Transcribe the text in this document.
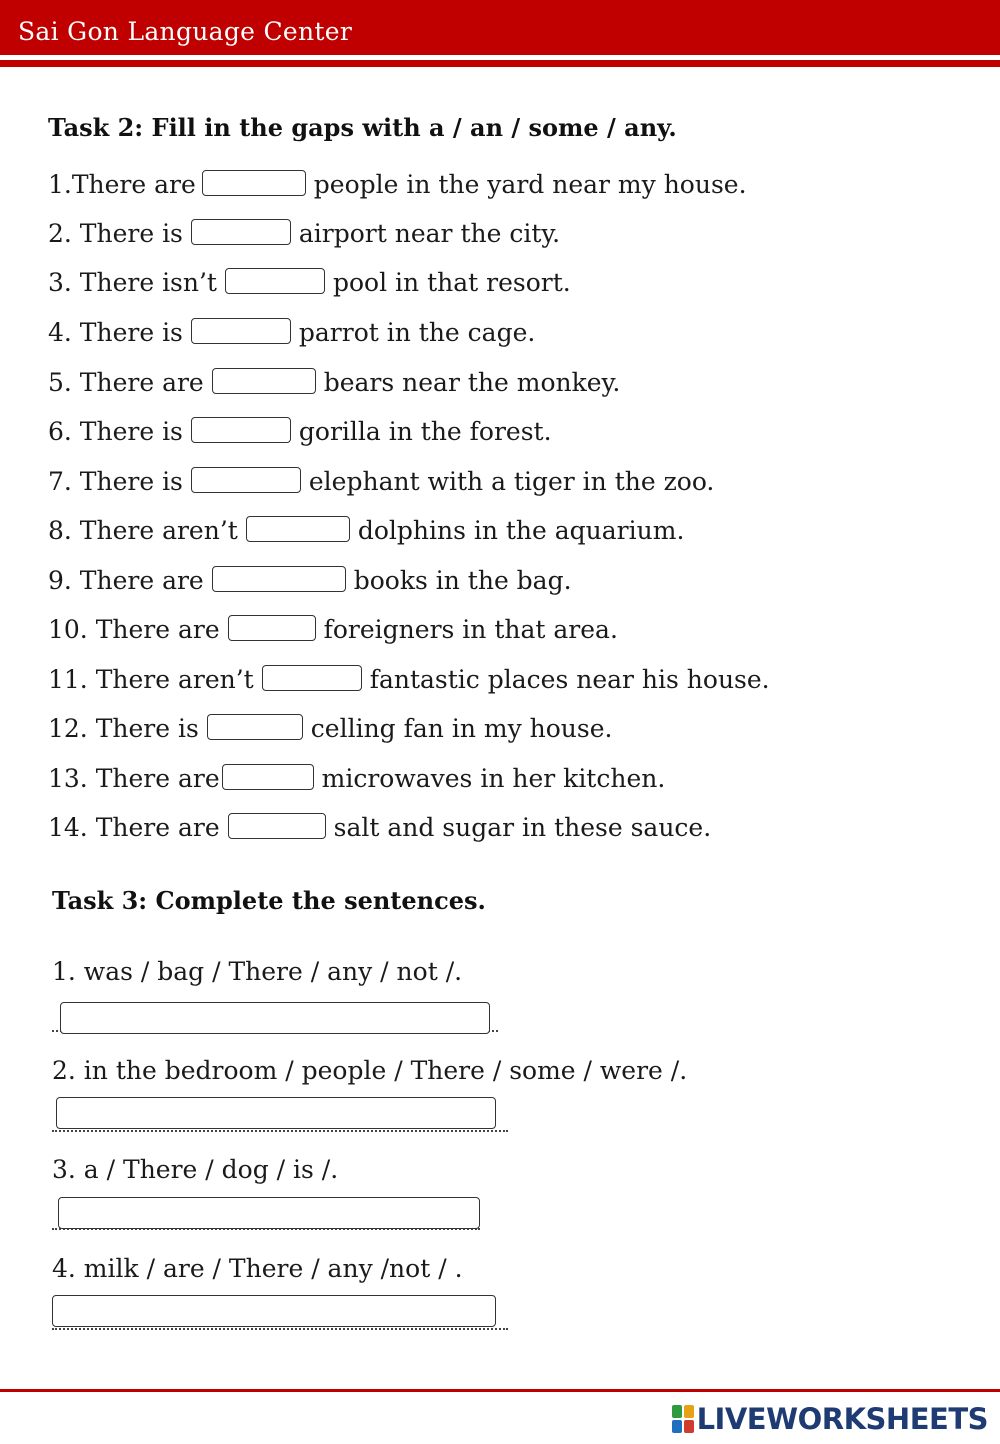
Sai Gon Language Center
Task 2: Fill in the gaps with a / an / some / any.
1.There are	people in the yard near my house.
2. There is	airport near the city.
3. There isn’t	pool in that resort.
4. There is	parrot in the cage.
5. There are	bears near the monkey.
6. There is	gorilla in the forest.
7. There is	elephant with a tiger in the zoo.
8. There aren’t	dolphins in the aquarium.
9. There are	books in the bag.
10. There are	foreigners in that area.
11. There aren’t	fantastic places near his house.
12. There is	celling fan in my house.
13. There are	microwaves in her kitchen.
14. There are	salt and sugar in these sauce.
Task 3: Complete the sentences.
1. was / bag / There / any / not /.
2. in the bedroom / people / There / some / were /.
3. a / There / dog / is /.
4. milk / are / There / any /not / .
LIVEWORKSHEETS
